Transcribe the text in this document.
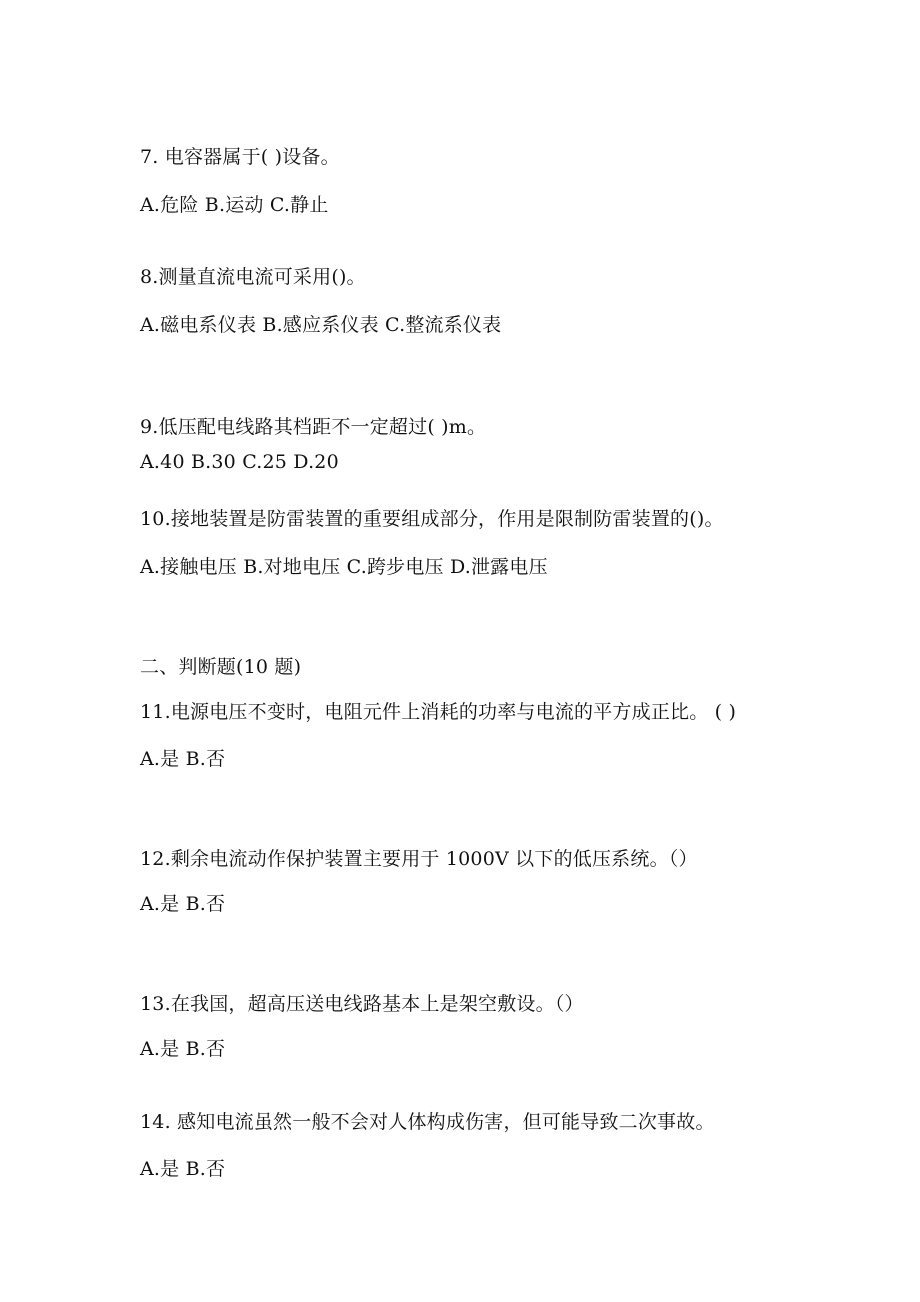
7. 电容器属于( )设备。
A.危险 B.运动 C.静止
8.测量直流电流可采用()。
A.磁电系仪表 B.感应系仪表 C.整流系仪表
9.低压配电线路其档距不一定超过( )m。
A.40 B.30 C.25 D.20
10.接地装置是防雷装置的重要组成部分，作用是限制防雷装置的()。
A.接触电压 B.对地电压 C.跨步电压 D.泄露电压
二、判断题(10 题)
11.电源电压不变时，电阻元件上消耗的功率与电流的平方成正比。 ( )
A.是 B.否
12.剩余电流动作保护装置主要用于 1000V 以下的低压系统。（）
A.是 B.否
13.在我国，超高压送电线路基本上是架空敷设。（）
A.是 B.否
14. 感知电流虽然一般不会对人体构成伤害，但可能导致二次事故。
A.是 B.否
